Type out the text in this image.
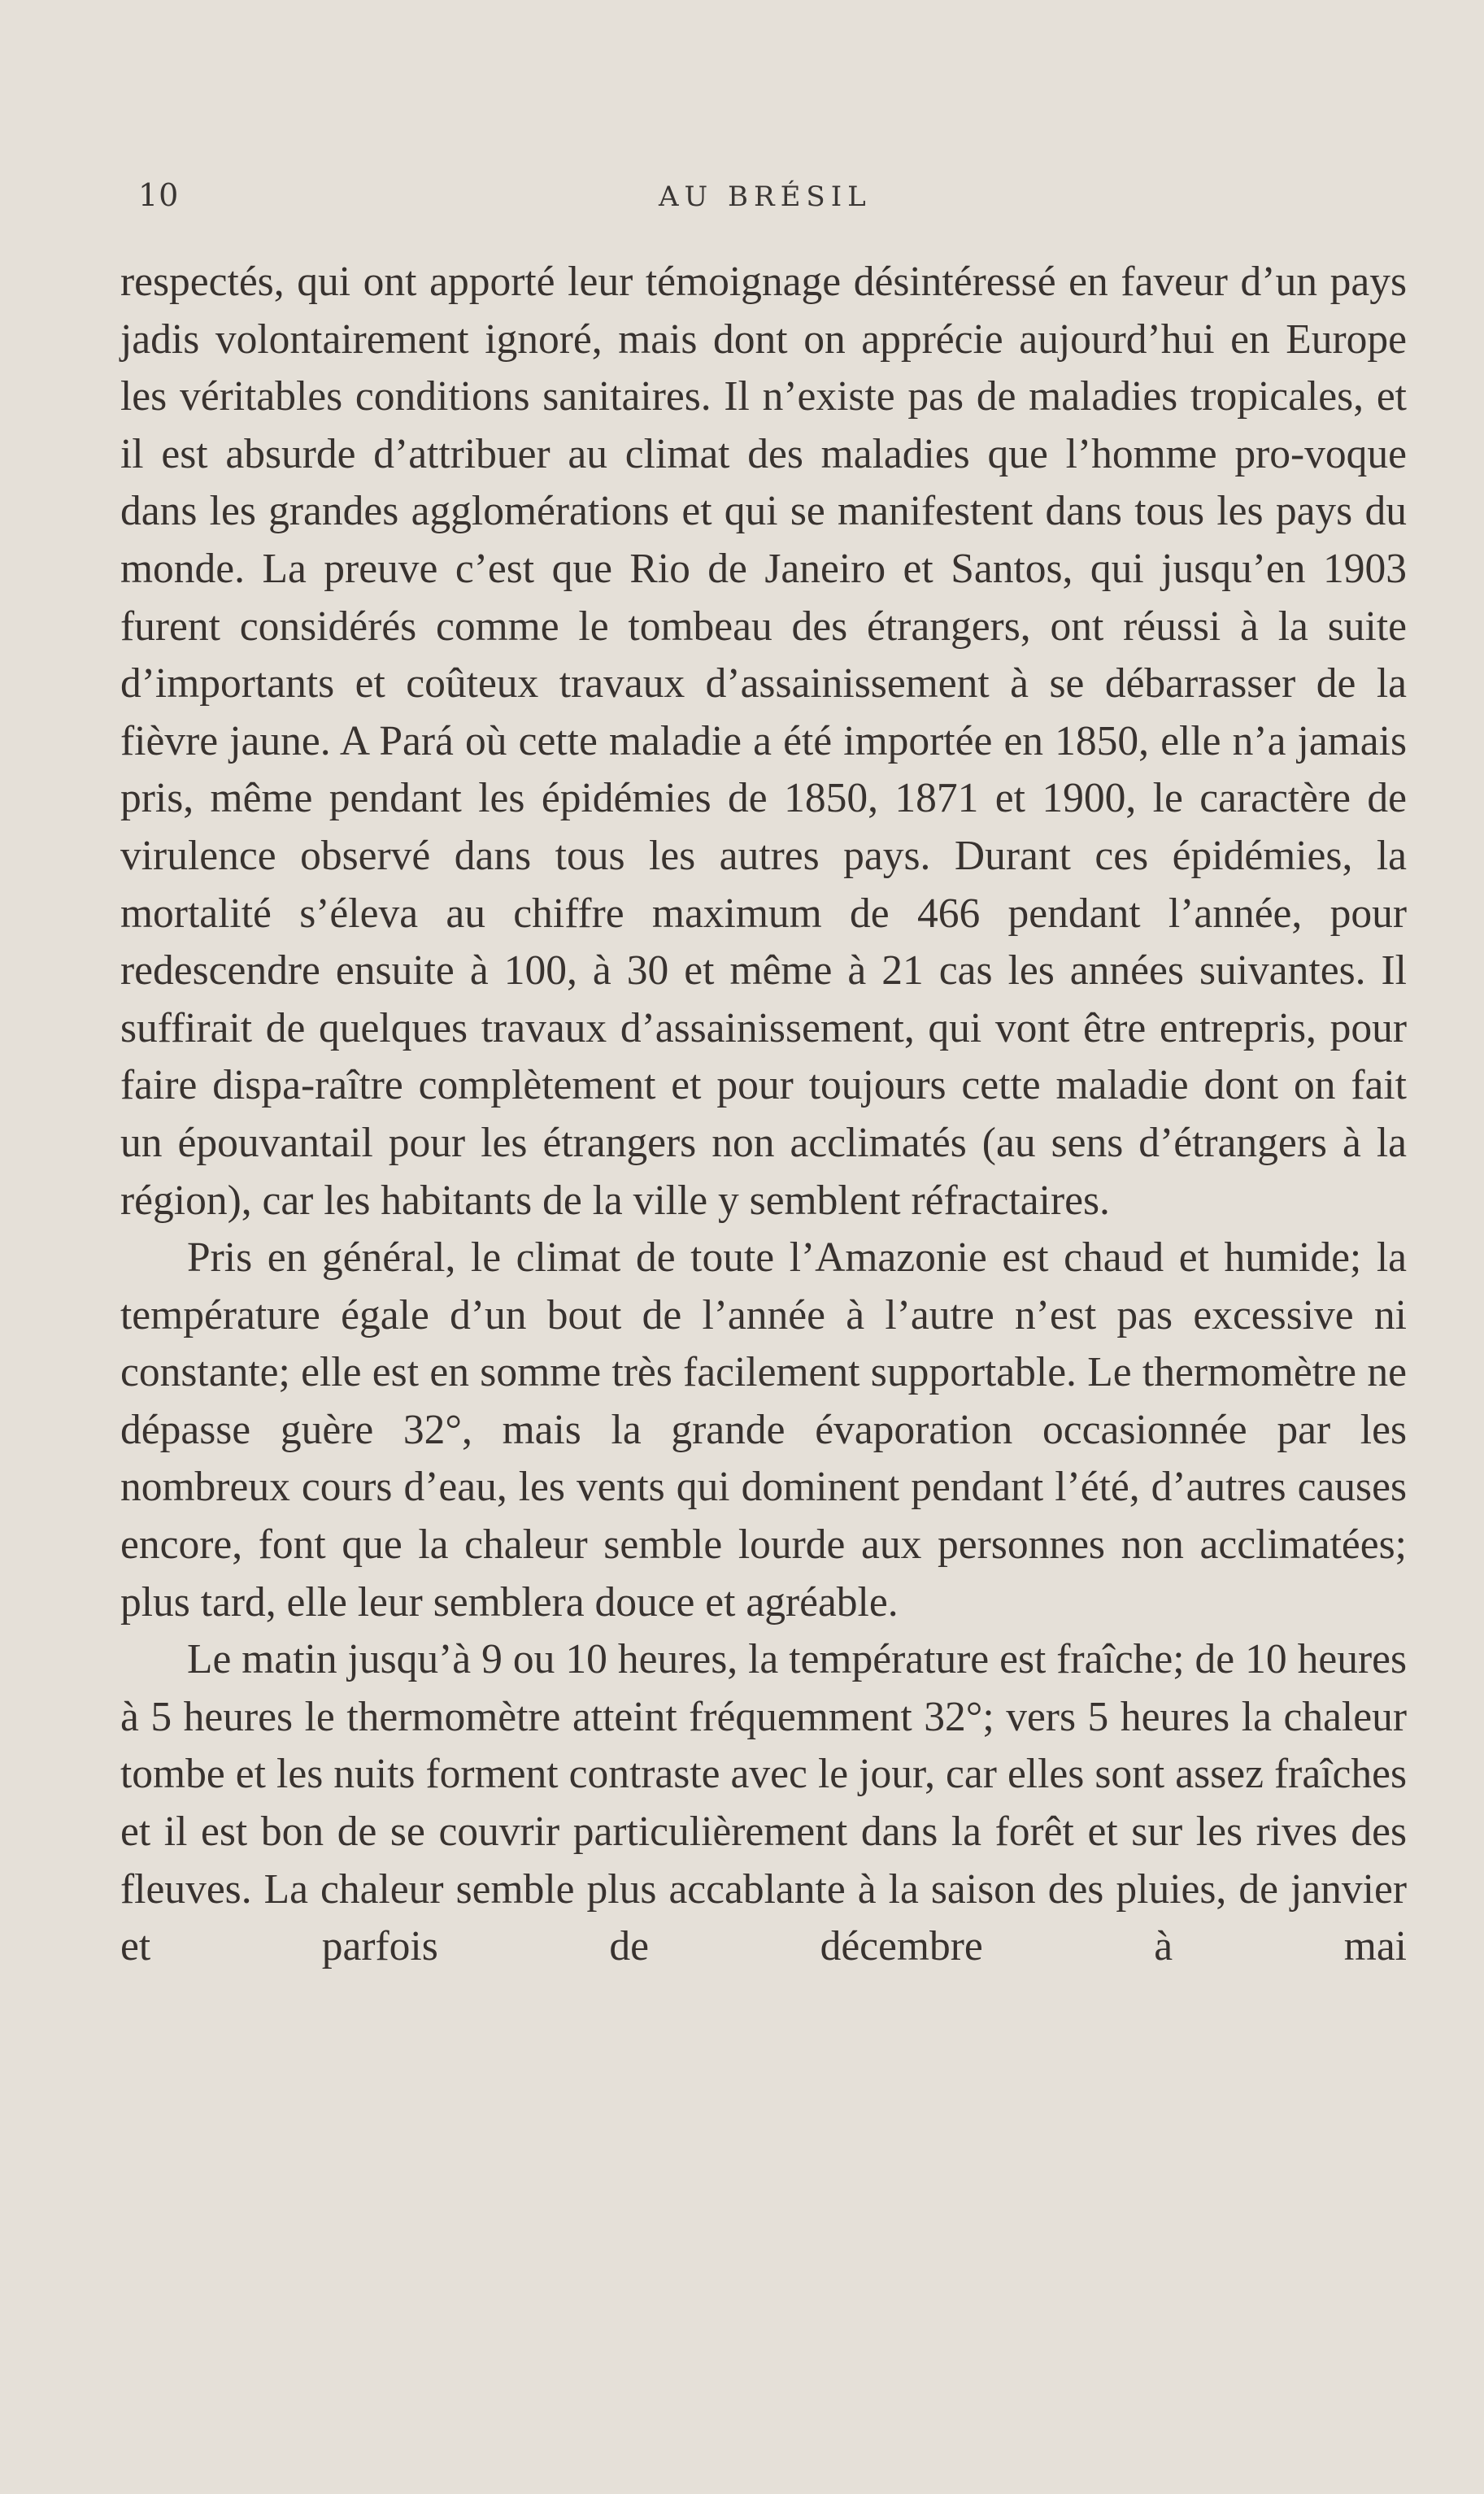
10	AU BRÉSIL

respectés, qui ont apporté leur témoignage désintéressé en faveur d’un pays jadis volontairement ignoré, mais dont on apprécie aujourd’hui en Europe les véritables conditions sanitaires. Il n’existe pas de maladies tropicales, et il est absurde d’attribuer au climat des maladies que l’homme pro-voque dans les grandes agglomérations et qui se manifestent dans tous les pays du monde. La preuve c’est que Rio de Janeiro et Santos, qui jusqu’en 1903 furent considérés comme le tombeau des étrangers, ont réussi à la suite d’importants et coûteux travaux d’assainissement à se débarrasser de la fièvre jaune. A Pará où cette maladie a été importée en 1850, elle n’a jamais pris, même pendant les épidémies de 1850, 1871 et 1900, le caractère de virulence observé dans tous les autres pays. Durant ces épidémies, la mortalité s’éleva au chiffre maximum de 466 pendant l’année, pour redescendre ensuite à 100, à 30 et même à 21 cas les années suivantes. Il suffirait de quelques travaux d’assainissement, qui vont être entrepris, pour faire dispa-raître complètement et pour toujours cette maladie dont on fait un épouvantail pour les étrangers non acclimatés (au sens d’étrangers à la région), car les habitants de la ville y semblent réfractaires.

Pris en général, le climat de toute l’Amazonie est chaud et humide; la température égale d’un bout de l’année à l’autre n’est pas excessive ni constante; elle est en somme très facilement supportable. Le thermomètre ne dépasse guère 32°, mais la grande évaporation occasionnée par les nombreux cours d’eau, les vents qui dominent pendant l’été, d’autres causes encore, font que la chaleur semble lourde aux personnes non acclimatées; plus tard, elle leur semblera douce et agréable.

Le matin jusqu’à 9 ou 10 heures, la température est fraîche; de 10 heures à 5 heures le thermomètre atteint fréquemment 32°; vers 5 heures la chaleur tombe et les nuits forment contraste avec le jour, car elles sont assez fraîches et il est bon de se couvrir particulièrement dans la forêt et sur les rives des fleuves. La chaleur semble plus accablante à la saison des pluies, de janvier et parfois de décembre à mai
